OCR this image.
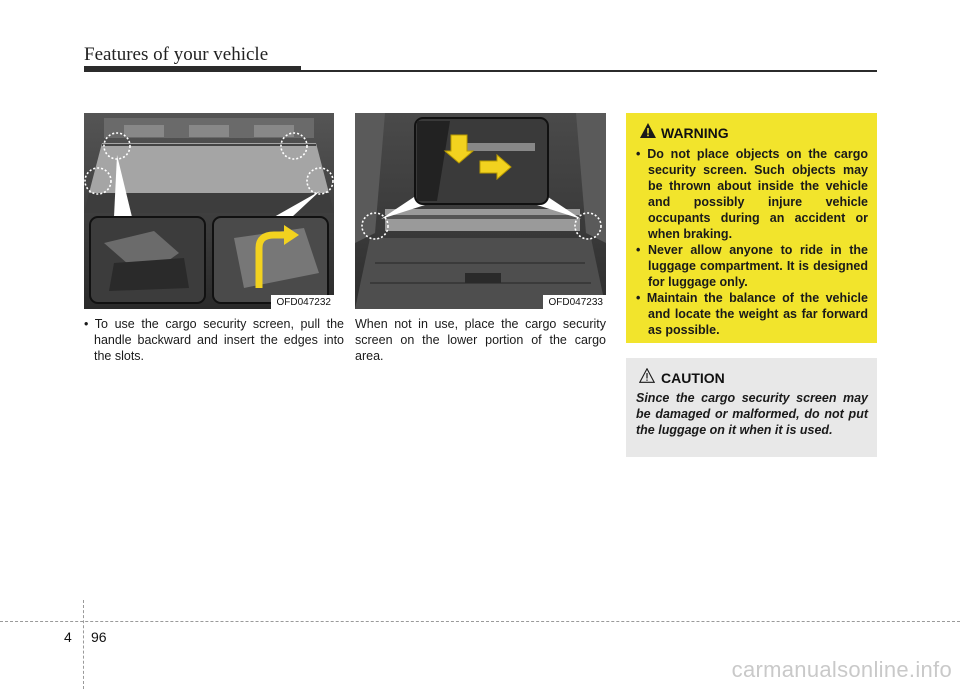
Features of your vehicle
OFD047232	OFD047233

• To use the cargo security screen, pull the handle backward and insert the edges into the slots.

When not in use, place the cargo security screen on the lower portion of the cargo area.

WARNING
• Do not place objects on the cargo security screen. Such objects may be thrown about inside the vehicle and possibly injure vehicle occupants during an accident or when braking.
• Never allow anyone to ride in the luggage compartment. It is designed for luggage only.
• Maintain the balance of the vehicle and locate the weight as far forward as possible.
CAUTION

Since the cargo security screen may be damaged or malformed, do not put the luggage on it when it is used.

4 96
carmanualsonline.info
